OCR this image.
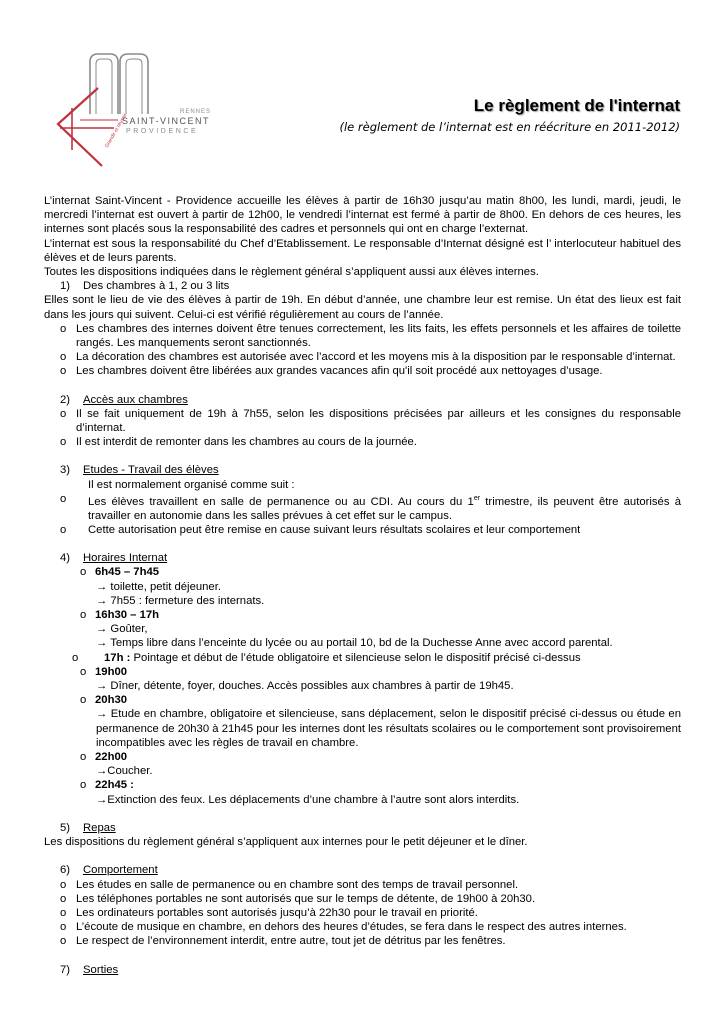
RENNES
SAINT-VINCENT
PROVIDENCE
Grandir et réussir
Le règlement de l'internat
(le règlement de l’internat est en réécriture en 2011-2012)

L’internat Saint-Vincent - Providence accueille les élèves à partir de 16h30 jusqu’au matin 8h00, les lundi, mardi, jeudi, le mercredi l’internat est ouvert à partir de 12h00, le vendredi l’internat est fermé à partir de 8h00. En dehors de ces heures, les internes sont placés sous la responsabilité des cadres et personnels qui ont en charge l’externat.

L’internat est sous la responsabilité du Chef d’Etablissement. Le responsable d’Internat désigné est l’ interlocuteur habituel des élèves et de leurs parents.

Toutes les dispositions indiquées dans le règlement général s’appliquent aussi aux élèves internes.

1) Des chambres à 1, 2 ou 3 lits

Elles sont le lieu de vie des élèves à partir de 19h. En début d’année, une chambre leur est remise. Un état des lieux est fait dans les jours qui suivent. Celui-ci est vérifié régulièrement au cours de l’année.

o Les chambres des internes doivent être tenues correctement, les lits faits, les effets personnels et les affaires de toilette rangés. Les manquements seront sanctionnés.
o La décoration des chambres est autorisée avec l’accord et les moyens mis à la disposition par le responsable d’internat.
o Les chambres doivent être libérées aux grandes vacances afin qu'il soit procédé aux nettoyages d’usage.
2) Accès aux chambres
o Il se fait uniquement de 19h à 7h55, selon les dispositions précisées par ailleurs et les consignes du responsable d’internat.
o Il est interdit de remonter dans les chambres au cours de la journée.
3) Etudes - Travail des élèves
Il est normalement organisé comme suit :
o Les élèves travaillent en salle de permanence ou au CDI. Au cours du 1er trimestre, ils peuvent être autorisés à travailler en autonomie dans les salles prévues à cet effet sur le campus.
o Cette autorisation peut être remise en cause suivant leurs résultats scolaires et leur comportement
4) Horaires Internat
o 6h45 – 7h45
→ toilette, petit déjeuner.
→ 7h55 : fermeture des internats.
o 16h30 – 17h
→ Goûter,
→ Temps libre dans l’enceinte du lycée ou au portail 10, bd de la Duchesse Anne avec accord parental.
o 17h : Pointage et début de l’étude obligatoire et silencieuse selon le dispositif précisé ci-dessus
o 19h00
→ Dîner, détente, foyer, douches. Accès possibles aux chambres à partir de 19h45.
o 20h30
→ Etude en chambre, obligatoire et silencieuse, sans déplacement, selon le dispositif précisé ci-dessus ou étude en permanence de 20h30 à 21h45 pour les internes dont les résultats scolaires ou le comportement sont provisoirement incompatibles avec les règles de travail en chambre.
o 22h00
→Coucher.
o 22h45 :
→Extinction des feux. Les déplacements d’une chambre à l’autre sont alors interdits.
5) Repas

Les dispositions du règlement général s’appliquent aux internes pour le petit déjeuner et le dîner.

6) Comportement
o Les études en salle de permanence ou en chambre sont des temps de travail personnel.
o Les téléphones portables ne sont autorisés que sur le temps de détente, de 19h00 à 20h30.
o Les ordinateurs portables sont autorisés jusqu’à 22h30 pour le travail en priorité.
o L’écoute de musique en chambre, en dehors des heures d’études, se fera dans le respect des autres internes.
o Le respect de l’environnement interdit, entre autre, tout jet de détritus par les fenêtres.
7) Sorties
